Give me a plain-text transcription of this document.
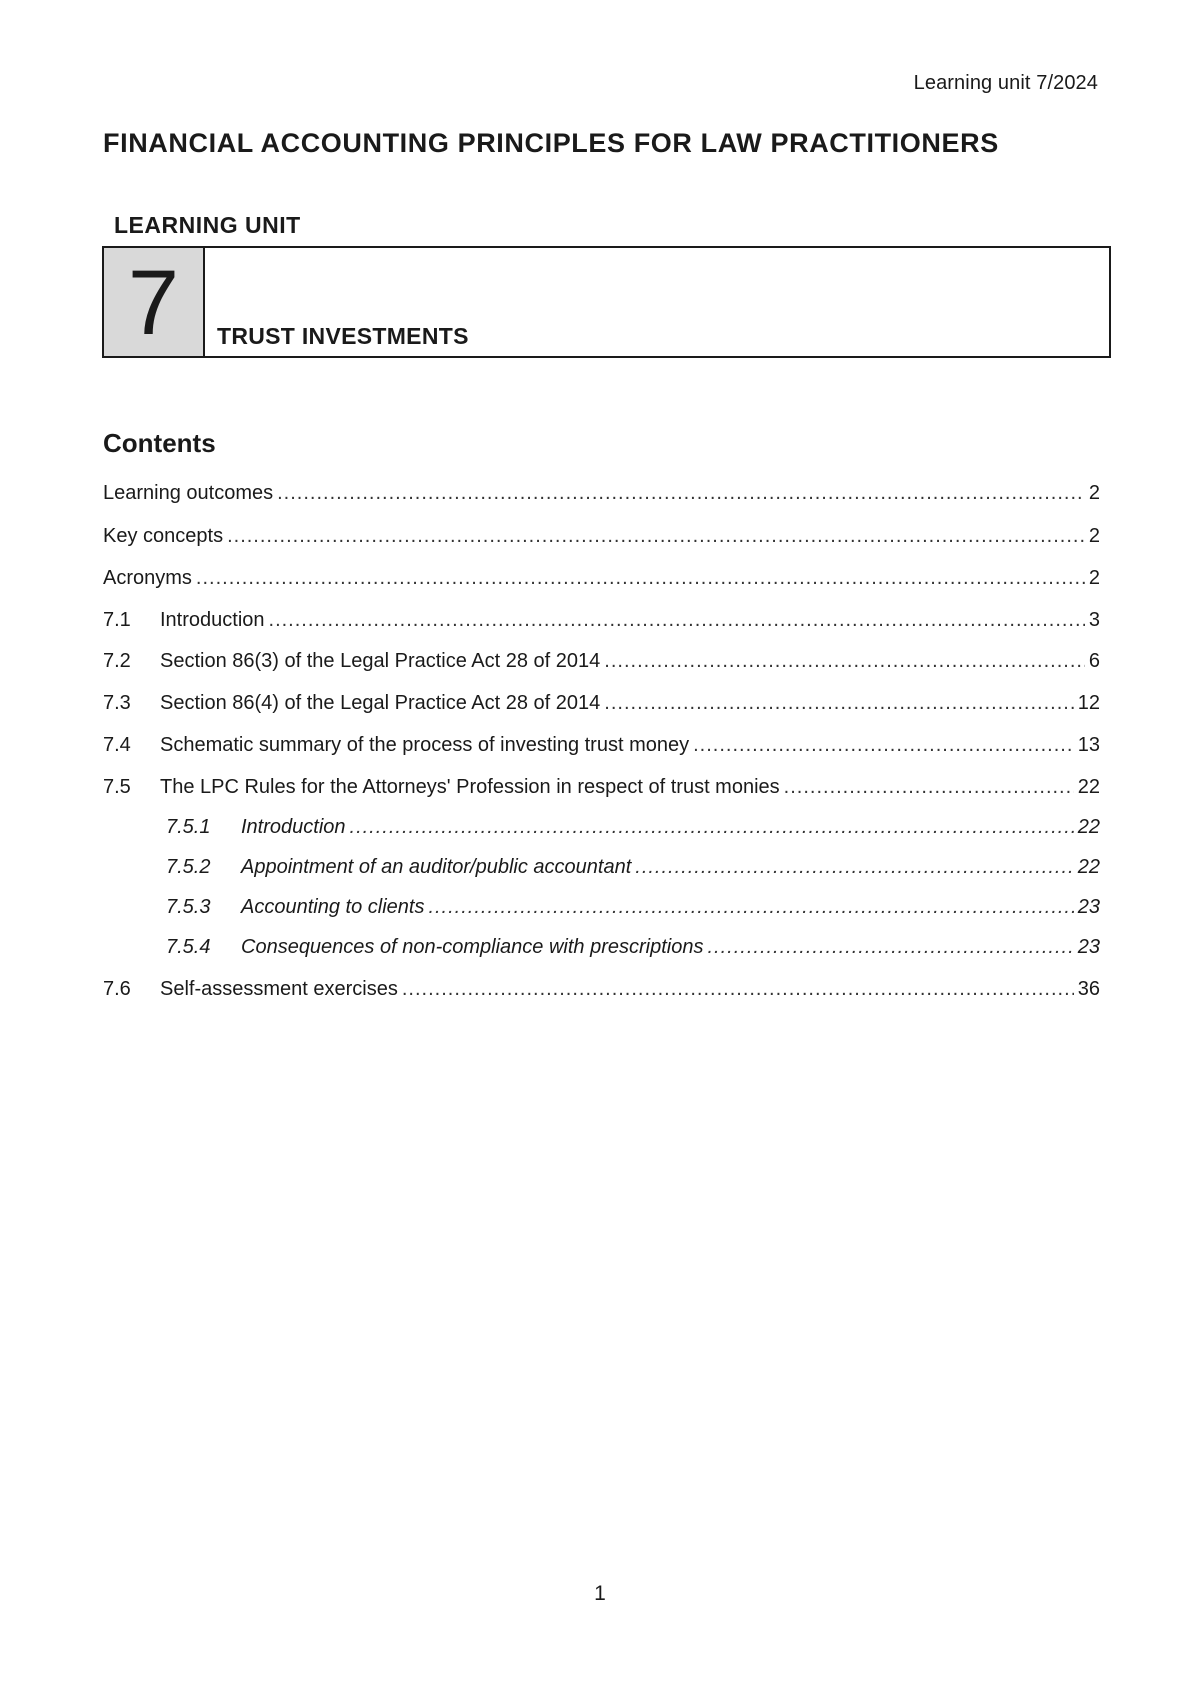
Learning unit 7/2024
FINANCIAL ACCOUNTING PRINCIPLES FOR LAW PRACTITIONERS
LEARNING UNIT
7 TRUST INVESTMENTS
Contents
Learning outcomes .....	2
Key concepts .....	2
Acronyms .....	2
7.1	Introduction .....	3
7.2	Section 86(3) of the Legal Practice Act 28 of 2014 .....	6
7.3	Section 86(4) of the Legal Practice Act 28 of 2014 .....	12
7.4	Schematic summary of the process of investing trust money .....	13
7.5	The LPC Rules for the Attorneys' Profession in respect of trust monies .....	22
7.5.1	Introduction .....	22
7.5.2	Appointment of an auditor/public accountant .....	22
7.5.3	Accounting to clients .....	23
7.5.4	Consequences of non-compliance with prescriptions .....	23
7.6	Self-assessment exercises .....	36
1
